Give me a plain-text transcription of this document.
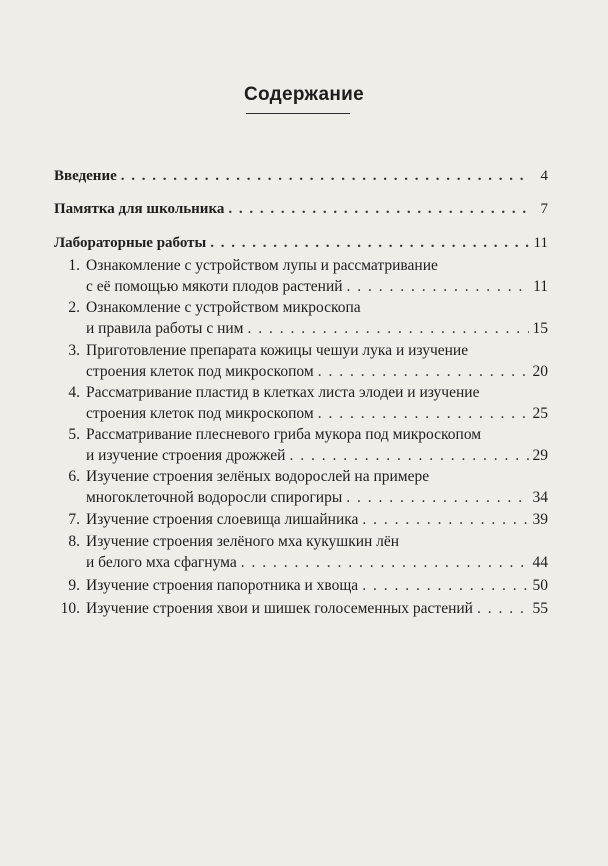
Содержание
Введение . . .	4
Памятка для школьника . . .	7
Лабораторные работы . . .	11
1. Ознакомление с устройством лупы и рассматривание
с её помощью мякоти плодов растений . . .	11
2. Ознакомление с устройством микроскопа
и правила работы с ним . . .	15
3. Приготовление препарата кожицы чешуи лука и изучение
строения клеток под микроскопом . . .	20
4. Рассматривание пластид в клетках листа элодеи и изучение
строения клеток под микроскопом . . .	25
5. Рассматривание плесневого гриба мукора под микроскопом
и изучение строения дрожжей . . .	29
6. Изучение строения зелёных водорослей на примере
многоклеточной водоросли спирогиры . . .	34
7. Изучение строения слоевища лишайника . . .	39
8. Изучение строения зелёного мха кукушкин лён
и белого мха сфагнума . . .	44
9. Изучение строения папоротника и хвоща . . .	50
10. Изучение строения хвои и шишек голосеменных растений . . .	55
